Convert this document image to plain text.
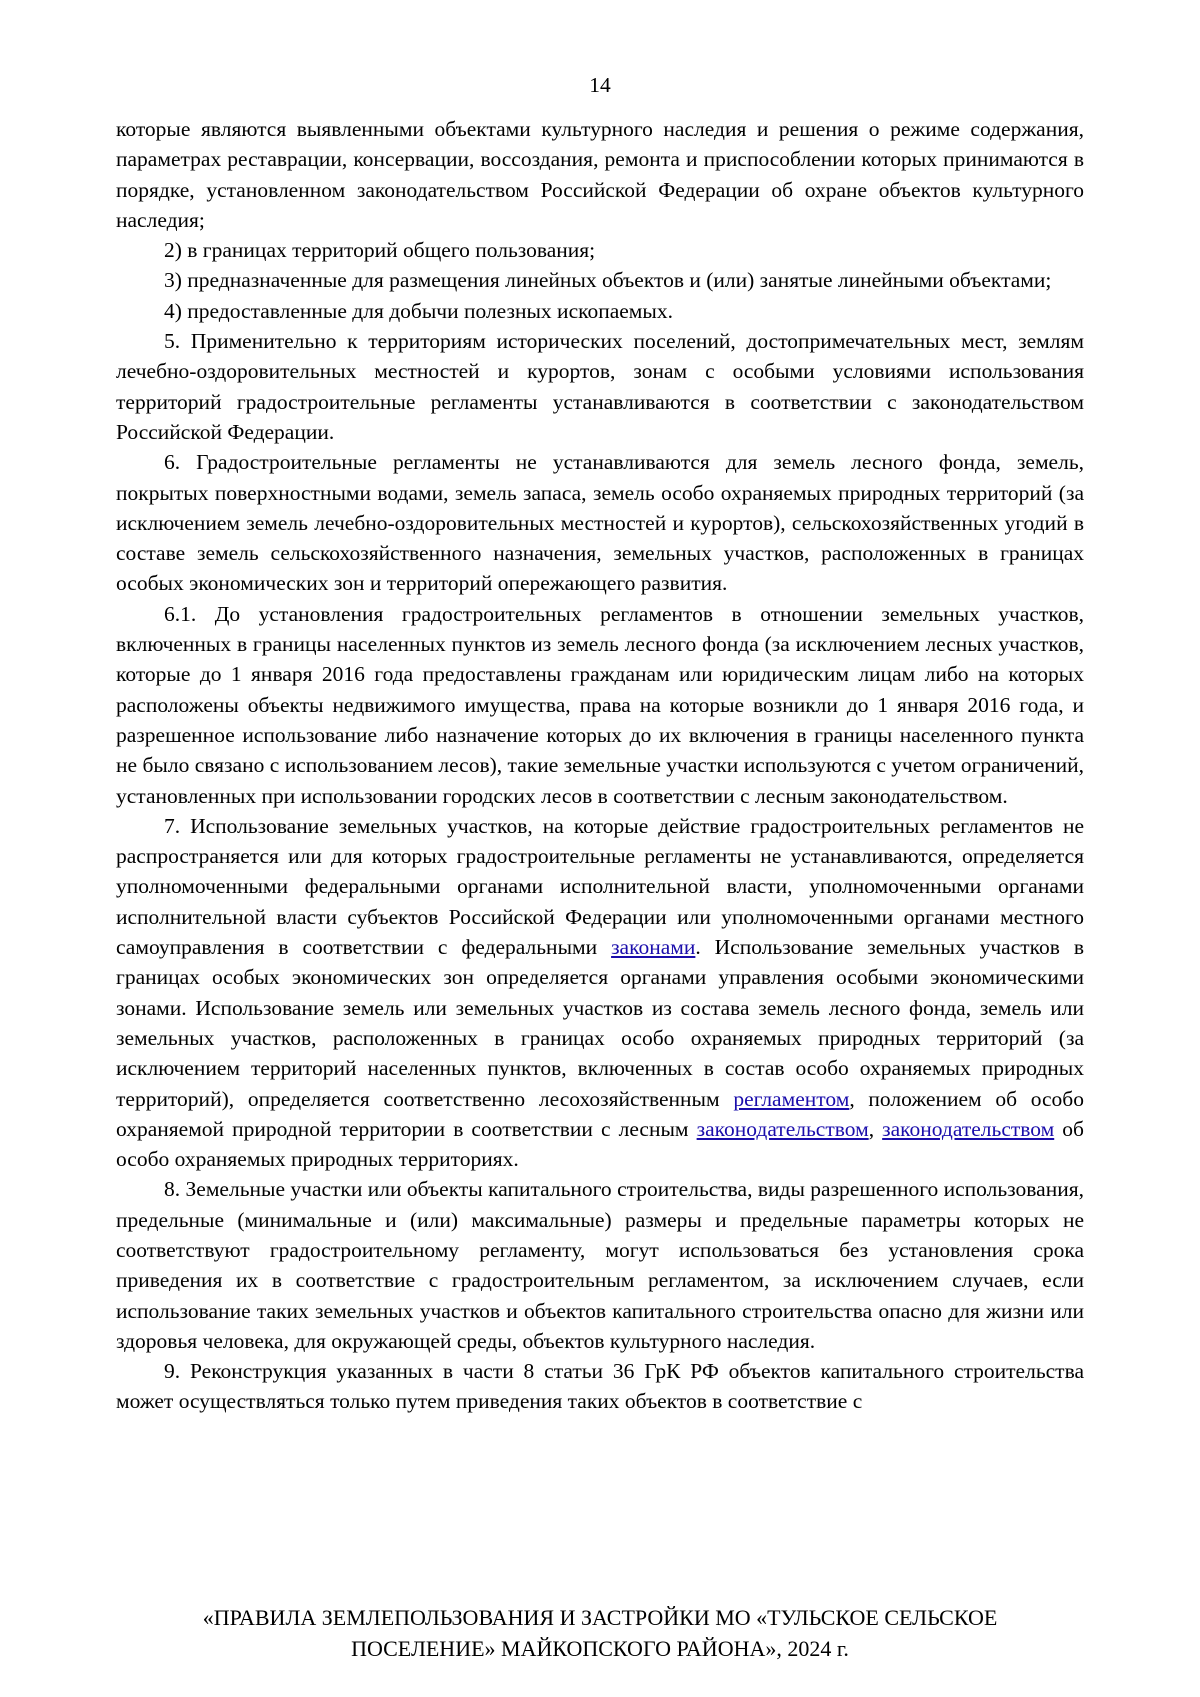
14

которые являются выявленными объектами культурного наследия и решения о режиме содержания, параметрах реставрации, консервации, воссоздания, ремонта и приспособлении которых принимаются в порядке, установленном законодательством Российской Федерации об охране объектов культурного наследия;

2) в границах территорий общего пользования;

3) предназначенные для размещения линейных объектов и (или) занятые линейными объектами;

4) предоставленные для добычи полезных ископаемых.

5. Применительно к территориям исторических поселений, достопримечательных мест, землям лечебно-оздоровительных местностей и курортов, зонам с особыми условиями использования территорий градостроительные регламенты устанавливаются в соответствии с законодательством Российской Федерации.

6. Градостроительные регламенты не устанавливаются для земель лесного фонда, земель, покрытых поверхностными водами, земель запаса, земель особо охраняемых природных территорий (за исключением земель лечебно-оздоровительных местностей и курортов), сельскохозяйственных угодий в составе земель сельскохозяйственного назначения, земельных участков, расположенных в границах особых экономических зон и территорий опережающего развития.

6.1. До установления градостроительных регламентов в отношении земельных участков, включенных в границы населенных пунктов из земель лесного фонда (за исключением лесных участков, которые до 1 января 2016 года предоставлены гражданам или юридическим лицам либо на которых расположены объекты недвижимого имущества, права на которые возникли до 1 января 2016 года, и разрешенное использование либо назначение которых до их включения в границы населенного пункта не было связано с использованием лесов), такие земельные участки используются с учетом ограничений, установленных при использовании городских лесов в соответствии с лесным законодательством.

7. Использование земельных участков, на которые действие градостроительных регламентов не распространяется или для которых градостроительные регламенты не устанавливаются, определяется уполномоченными федеральными органами исполнительной власти, уполномоченными органами исполнительной власти субъектов Российской Федерации или уполномоченными органами местного самоуправления в соответствии с федеральными законами. Использование земельных участков в границах особых экономических зон определяется органами управления особыми экономическими зонами. Использование земель или земельных участков из состава земель лесного фонда, земель или земельных участков, расположенных в границах особо охраняемых природных территорий (за исключением территорий населенных пунктов, включенных в состав особо охраняемых природных территорий), определяется соответственно лесохозяйственным регламентом, положением об особо охраняемой природной территории в соответствии с лесным законодательством, законодательством об особо охраняемых природных территориях.

8. Земельные участки или объекты капитального строительства, виды разрешенного использования, предельные (минимальные и (или) максимальные) размеры и предельные параметры которых не соответствуют градостроительному регламенту, могут использоваться без установления срока приведения их в соответствие с градостроительным регламентом, за исключением случаев, если использование таких земельных участков и объектов капитального строительства опасно для жизни или здоровья человека, для окружающей среды, объектов культурного наследия.

9. Реконструкция указанных в части 8 статьи 36 ГрК РФ объектов капитального строительства может осуществляться только путем приведения таких объектов в соответствие с

«ПРАВИЛА ЗЕМЛЕПОЛЬЗОВАНИЯ И ЗАСТРОЙКИ МО «ТУЛЬСКОЕ СЕЛЬСКОЕ
ПОСЕЛЕНИЕ» МАЙКОПСКОГО РАЙОНА», 2024 г.
